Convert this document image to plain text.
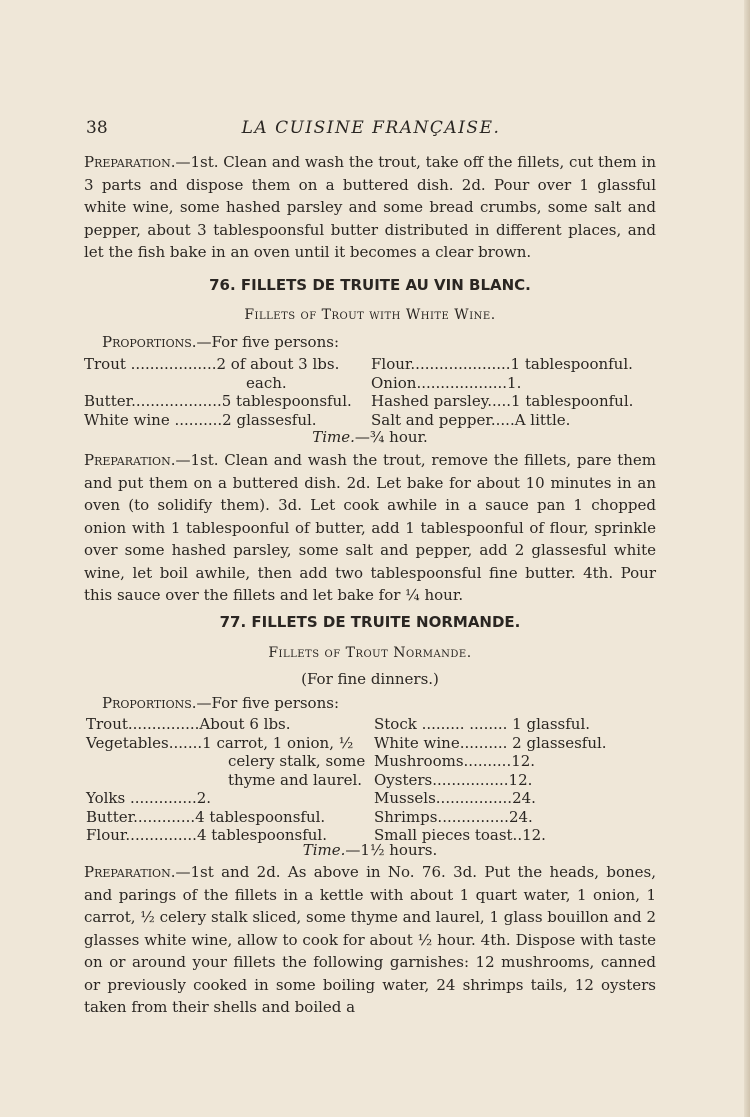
38	LA CUISINE FRANÇAISE.

Preparation.—1st. Clean and wash the trout, take off the fillets, cut them in 3 parts and dispose them on a buttered dish. 2d. Pour over 1 glassful white wine, some hashed parsley and some bread crumbs, some salt and pepper, about 3 tablespoonsful butter distributed in different places, and let the fish bake in an oven until it becomes a clear brown.

76. FILLETS DE TRUITE AU VIN BLANC.

Fillets of Trout with White Wine.

Proportions.—For five persons:
Trout ..................2 of about 3 lbs.
each.
Butter...................5 tablespoonsful.
White wine ..........2 glassesful.
Flour.....................1 tablespoonful.
Onion...................1.
Hashed parsley.....1 tablespoonful.
Salt and pepper.....A little.

Time.—¾ hour.

Preparation.—1st. Clean and wash the trout, remove the fillets, pare them and put them on a buttered dish. 2d. Let bake for about 10 minutes in an oven (to solidify them). 3d. Let cook awhile in a sauce pan 1 chopped onion with 1 tablespoonful of butter, add 1 tablespoonful of flour, sprinkle over some hashed parsley, some salt and pepper, add 2 glassesful white wine, let boil awhile, then add two tablespoonsful fine butter. 4th. Pour this sauce over the fillets and let bake for ¼ hour.

77. FILLETS DE TRUITE NORMANDE.

Fillets of Trout Normande.

(For fine dinners.)

Proportions.—For five persons:
Trout...............About 6 lbs.
Vegetables.......1 carrot, 1 onion, ½
celery stalk, some
thyme and laurel.
Yolks ..............2.
Butter.............4 tablespoonsful.
Flour...............4 tablespoonsful.
Stock ......... ........ 1 glassful.
White wine.......... 2 glassesful.
Mushrooms..........12.
Oysters................12.
Mussels................24.
Shrimps...............24.
Small pieces toast..12.

Time.—1½ hours.

Preparation.—1st and 2d. As above in No. 76. 3d. Put the heads, bones, and parings of the fillets in a kettle with about 1 quart water, 1 onion, 1 carrot, ½ celery stalk sliced, some thyme and laurel, 1 glass bouillon and 2 glasses white wine, allow to cook for about ½ hour. 4th. Dispose with taste on or around your fillets the following garnishes: 12 mushrooms, canned or previously cooked in some boiling water, 24 shrimps tails, 12 oysters taken from their shells and boiled a
